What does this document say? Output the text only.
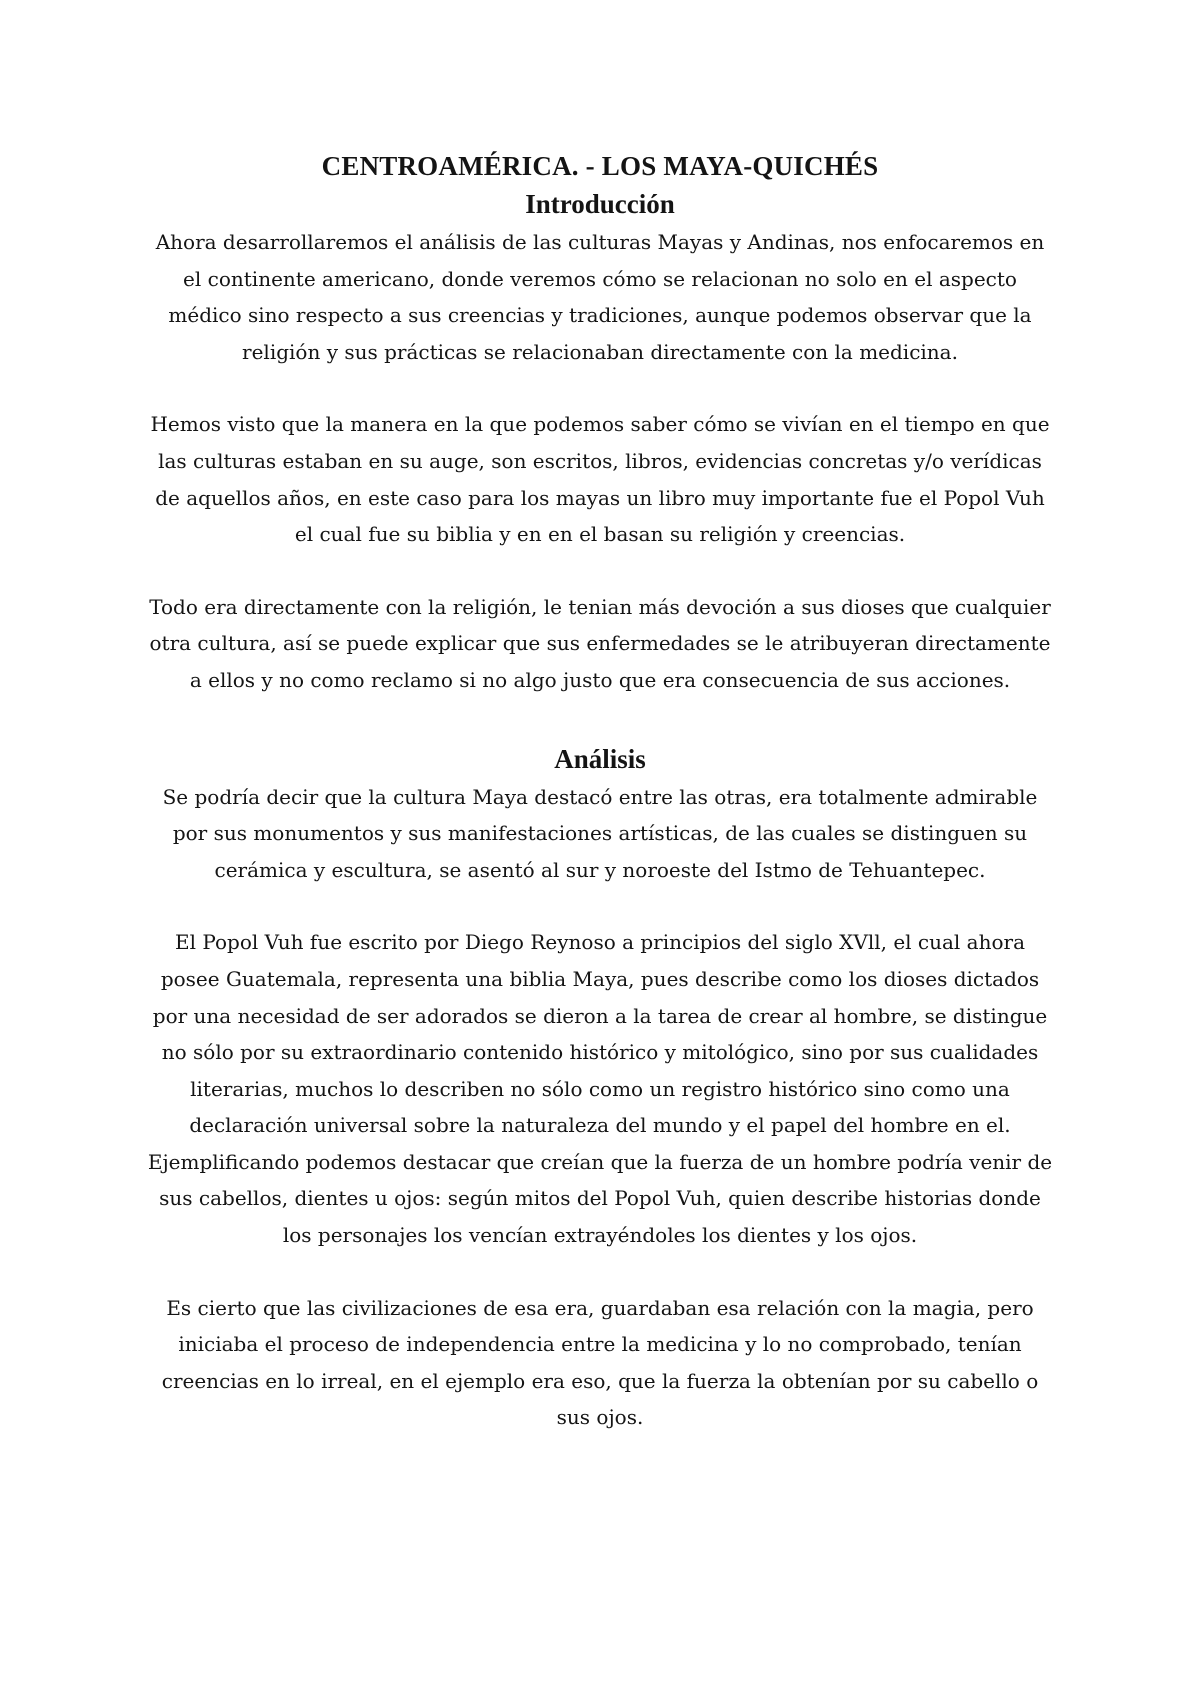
CENTROAMÉRICA. - LOS MAYA-QUICHÉS
Introducción

Ahora desarrollaremos el análisis de las culturas Mayas y Andinas, nos enfocaremos en el continente americano, donde veremos cómo se relacionan no solo en el aspecto médico sino respecto a sus creencias y tradiciones, aunque podemos observar que la religión y sus prácticas se relacionaban directamente con la medicina.

Hemos visto que la manera en la que podemos saber cómo se vivían en el tiempo en que las culturas estaban en su auge, son escritos, libros, evidencias concretas y/o verídicas de aquellos años, en este caso para los mayas un libro muy importante fue el Popol Vuh el cual fue su biblia y en en el basan su religión y creencias.

Todo era directamente con la religión, le tenian más devoción a sus dioses que cualquier otra cultura, así se puede explicar que sus enfermedades se le atribuyeran directamente a ellos y no como reclamo si no algo justo que era consecuencia de sus acciones.

Análisis

Se podría decir que la cultura Maya destacó entre las otras, era totalmente admirable por sus monumentos y sus manifestaciones artísticas, de las cuales se distinguen su cerámica y escultura, se asentó al sur y noroeste del Istmo de Tehuantepec.

El Popol Vuh fue escrito por Diego Reynoso a principios del siglo XVll, el cual ahora posee Guatemala, representa una biblia Maya, pues describe como los dioses dictados por una necesidad de ser adorados se dieron a la tarea de crear al hombre, se distingue no sólo por su extraordinario contenido histórico y mitológico, sino por sus cualidades literarias, muchos lo describen no sólo como un registro histórico sino como una declaración universal sobre la naturaleza del mundo y el papel del hombre en el. Ejemplificando podemos destacar que creían que la fuerza de un hombre podría venir de sus cabellos, dientes u ojos: según mitos del Popol Vuh, quien describe historias donde los personajes los vencían extrayéndoles los dientes y los ojos.

Es cierto que las civilizaciones de esa era, guardaban esa relación con la magia, pero iniciaba el proceso de independencia entre la medicina y lo no comprobado, tenían creencias en lo irreal, en el ejemplo era eso, que la fuerza la obtenían por su cabello o sus ojos.
